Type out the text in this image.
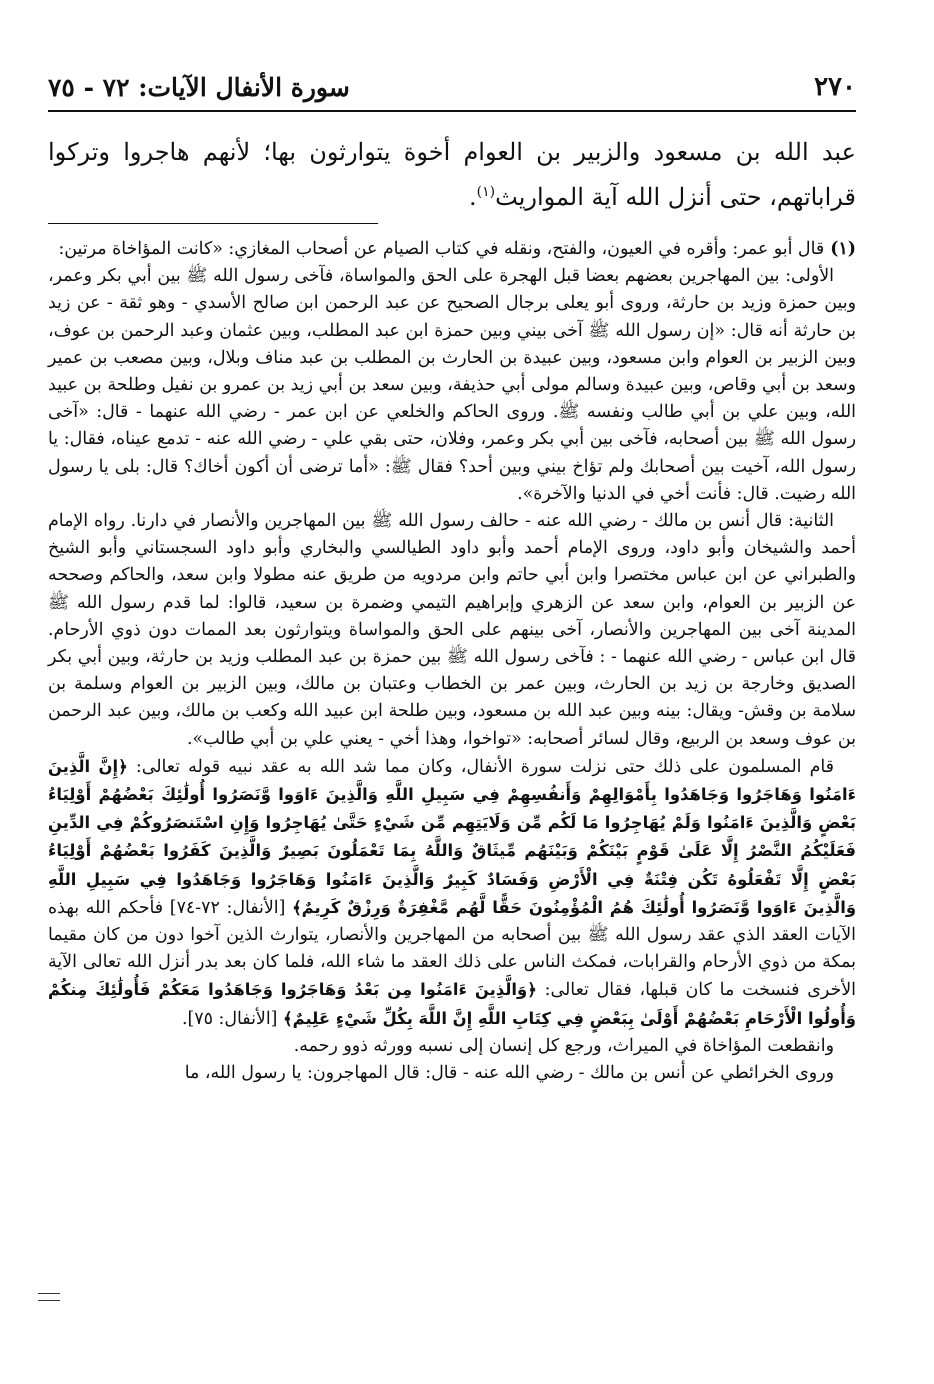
٢٧٠
سورة الأنفال الآيات: ٧٢ - ٧٥
عبد الله بن مسعود والزبير بن العوام أخوة يتوارثون بها؛ لأنهم هاجروا وتركوا قراباتهم، حتى أنزل الله آية المواريث$^{(١)}$.

(١)قال أبو عمر: وأقره في العيون، والفتح، ونقله في كتاب الصيام عن أصحاب المغازي: «كانت المؤاخاة مرتين:

الأولى: بين المهاجرين بعضهم بعضا قبل الهجرة على الحق والمواساة، فآخى رسول الله ﷺ بين أبي بكر وعمر، وبين حمزة وزيد بن حارثة، وروى أبو يعلى برجال الصحيح عن عبد الرحمن ابن صالح الأسدي - وهو ثقة - عن زيد بن حارثة أنه قال: «إن رسول الله ﷺ آخى بيني وبين حمزة ابن عبد المطلب، وبين عثمان وعبد الرحمن بن عوف، وبين الزبير بن العوام وابن مسعود، وبين عبيدة بن الحارث بن المطلب بن عبد مناف وبلال، وبين مصعب بن عمير وسعد بن أبي وقاص، وبين عبيدة وسالم مولى أبي حذيفة، وبين سعد بن أبي زيد بن عمرو بن نفيل وطلحة بن عبيد الله، وبين علي بن أبي طالب ونفسه ﷺ. وروى الحاكم والخلعي عن ابن عمر - رضي الله عنهما - قال: «آخى رسول الله ﷺ بين أصحابه، فآخى بين أبي بكر وعمر، وفلان، حتى بقي علي - رضي الله عنه - تدمع عيناه، فقال: يا رسول الله، آخيت بين أصحابك ولم تؤاخ بيني وبين أحد؟ فقال ﷺ: «أما ترضى أن أكون أخاك؟ قال: بلى يا رسول الله رضيت. قال: فأنت أخي في الدنيا والآخرة».

الثانية: قال أنس بن مالك - رضي الله عنه - حالف رسول الله ﷺ بين المهاجرين والأنصار في دارنا. رواه الإمام أحمد والشيخان وأبو داود، وروى الإمام أحمد وأبو داود الطيالسي والبخاري وأبو داود السجستاني وأبو الشيخ والطبراني عن ابن عباس مختصرا وابن أبي حاتم وابن مردويه من طريق عنه مطولا وابن سعد، والحاكم وصححه عن الزبير بن العوام، وابن سعد عن الزهري وإبراهيم التيمي وضمرة بن سعيد، قالوا: لما قدم رسول الله ﷺ المدينة آخى بين المهاجرين والأنصار، آخى بينهم على الحق والمواساة ويتوارثون بعد الممات دون ذوي الأرحام. قال ابن عباس - رضي الله عنهما - : فآخى رسول الله ﷺ بين حمزة بن عبد المطلب وزيد بن حارثة، وبين أبي بكر الصديق وخارجة بن زيد بن الحارث، وبين عمر بن الخطاب وعتبان بن مالك، وبين الزبير بن العوام وسلمة بن سلامة بن وقش- ويقال: بينه وبين عبد الله بن مسعود، وبين طلحة ابن عبيد الله وكعب بن مالك، وبين عبد الرحمن بن عوف وسعد بن الربيع، وقال لسائر أصحابه: «تواخوا، وهذا أخي - يعني علي بن أبي طالب».

قام المسلمون على ذلك حتى نزلت سورة الأنفال، وكان مما شد الله به عقد نبيه قوله تعالى: ﴿إِنَّ الَّذِينَ ءَامَنُوا وَهَاجَرُوا وَجَاهَدُوا بِأَمْوَالِهِمْ وَأَنفُسِهِمْ فِي سَبِيلِ اللَّهِ وَالَّذِينَ ءَاوَوا وَّنَصَرُوا أُولَٰئِكَ بَعْضُهُمْ أَوْلِيَاءُ بَعْضٍ وَالَّذِينَ ءَامَنُوا وَلَمْ يُهَاجِرُوا مَا لَكُم مِّن وَلَايَتِهِم مِّن شَيْءٍ حَتَّىٰ يُهَاجِرُوا وَإِنِ اسْتَنصَرُوكُمْ فِي الدِّينِ فَعَلَيْكُمُ النَّصْرُ إِلَّا عَلَىٰ قَوْمٍ بَيْنَكُمْ وَبَيْنَهُم مِّيثَاقٌ وَاللَّهُ بِمَا تَعْمَلُونَ بَصِيرٌ وَالَّذِينَ كَفَرُوا بَعْضُهُمْ أَوْلِيَاءُ بَعْضٍ إِلَّا تَفْعَلُوهُ تَكُن فِتْنَةٌ فِي الْأَرْضِ وَفَسَادٌ كَبِيرٌ وَالَّذِينَ ءَامَنُوا وَهَاجَرُوا وَجَاهَدُوا فِي سَبِيلِ اللَّهِ وَالَّذِينَ ءَاوَوا وَّنَصَرُوا أُولَٰئِكَ هُمُ الْمُؤْمِنُونَ حَقًّا لَّهُم مَّغْفِرَةٌ وَرِزْقٌ كَرِيمٌ﴾ [الأنفال: ٧٢-٧٤] فأحكم الله بهذه الآيات العقد الذي عقد رسول الله ﷺ بين أصحابه من المهاجرين والأنصار، يتوارث الذين آخوا دون من كان مقيما بمكة من ذوي الأرحام والقرابات، فمكث الناس على ذلك العقد ما شاء الله، فلما كان بعد بدر أنزل الله تعالى الآية الأخرى فنسخت ما كان قبلها، فقال تعالى: ﴿وَالَّذِينَ ءَامَنُوا مِن بَعْدُ وَهَاجَرُوا وَجَاهَدُوا مَعَكُمْ فَأُولَٰئِكَ مِنكُمْ وَأُولُوا الْأَرْحَامِ بَعْضُهُمْ أَوْلَىٰ بِبَعْضٍ فِي كِتَابِ اللَّهِ إِنَّ اللَّهَ بِكُلِّ شَيْءٍ عَلِيمٌ﴾ [الأنفال: ٧٥].

وانقطعت المؤاخاة في الميراث، ورجع كل إنسان إلى نسبه وورثه ذوو رحمه.

وروى الخرائطي عن أنس بن مالك - رضي الله عنه - قال: قال المهاجرون: يا رسول الله، ما
